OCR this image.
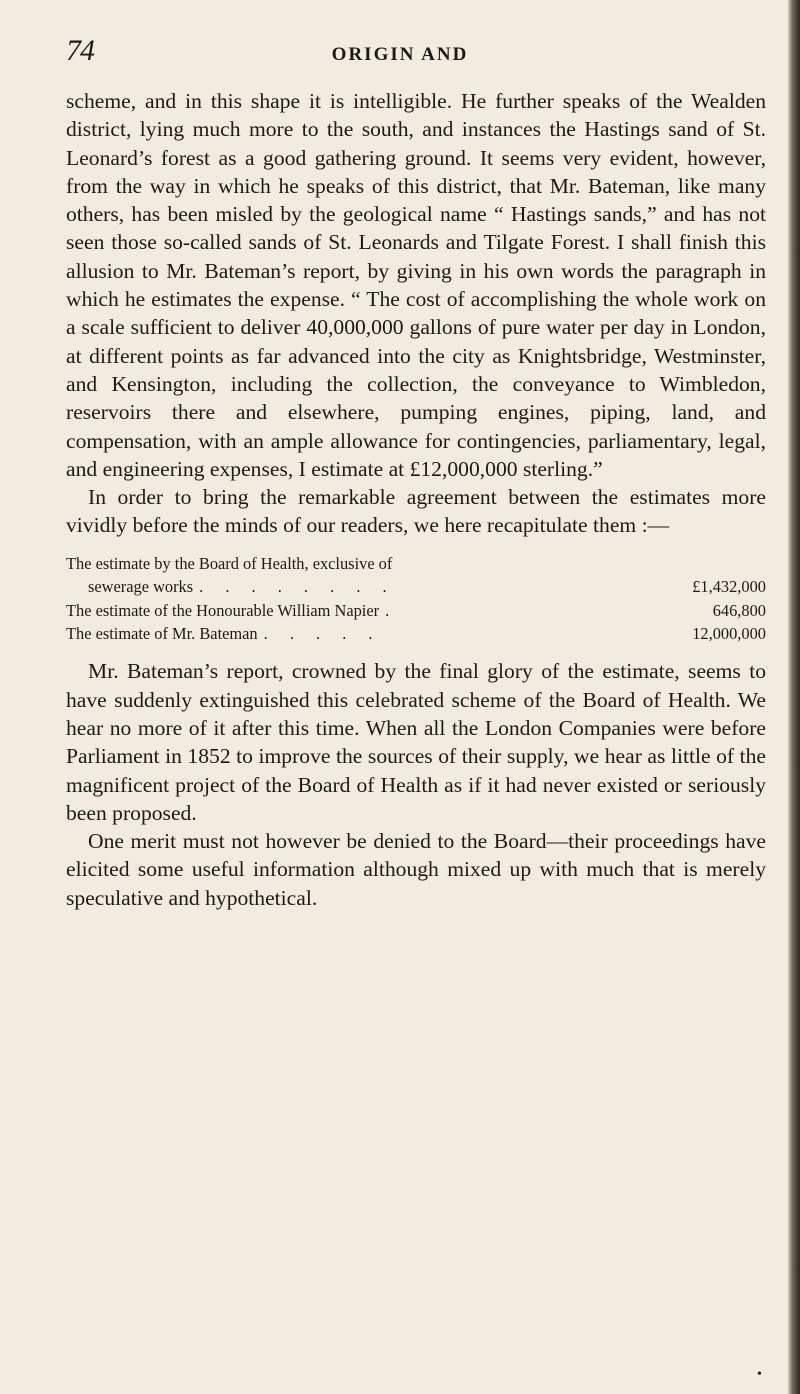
74	ORIGIN AND

scheme, and in this shape it is intelligible. He further speaks of the Wealden district, lying much more to the south, and instances the Hastings sand of St. Leonard’s forest as a good gathering ground. It seems very evident, however, from the way in which he speaks of this district, that Mr. Bateman, like many others, has been misled by the geological name “ Hastings sands,” and has not seen those so-called sands of St. Leonards and Tilgate Forest. I shall finish this allusion to Mr. Bateman’s report, by giving in his own words the paragraph in which he estimates the expense. “ The cost of accomplishing the whole work on a scale sufficient to deliver 40,000,000 gallons of pure water per day in London, at different points as far advanced into the city as Knightsbridge, Westminster, and Kensington, including the collection, the conveyance to Wimbledon, reservoirs there and elsewhere, pumping engines, piping, land, and compensation, with an ample allowance for contingencies, parliamentary, legal, and engineering expenses, I estimate at £12,000,000 sterling.”

In order to bring the remarkable agreement between the estimates more vividly before the minds of our readers, we here recapitulate them :—

The estimate by the Board of Health, exclusive of
sewerage works . . . . . . . .	£1,432,000
The estimate of the Honourable William Napier .	646,800
The estimate of Mr. Bateman . . . . .	12,000,000

Mr. Bateman’s report, crowned by the final glory of the estimate, seems to have suddenly extinguished this celebrated scheme of the Board of Health. We hear no more of it after this time. When all the London Companies were before Parliament in 1852 to improve the sources of their supply, we hear as little of the magnificent project of the Board of Health as if it had never existed or seriously been proposed.

One merit must not however be denied to the Board—their proceedings have elicited some useful information although mixed up with much that is merely speculative and hypothetical.

•
